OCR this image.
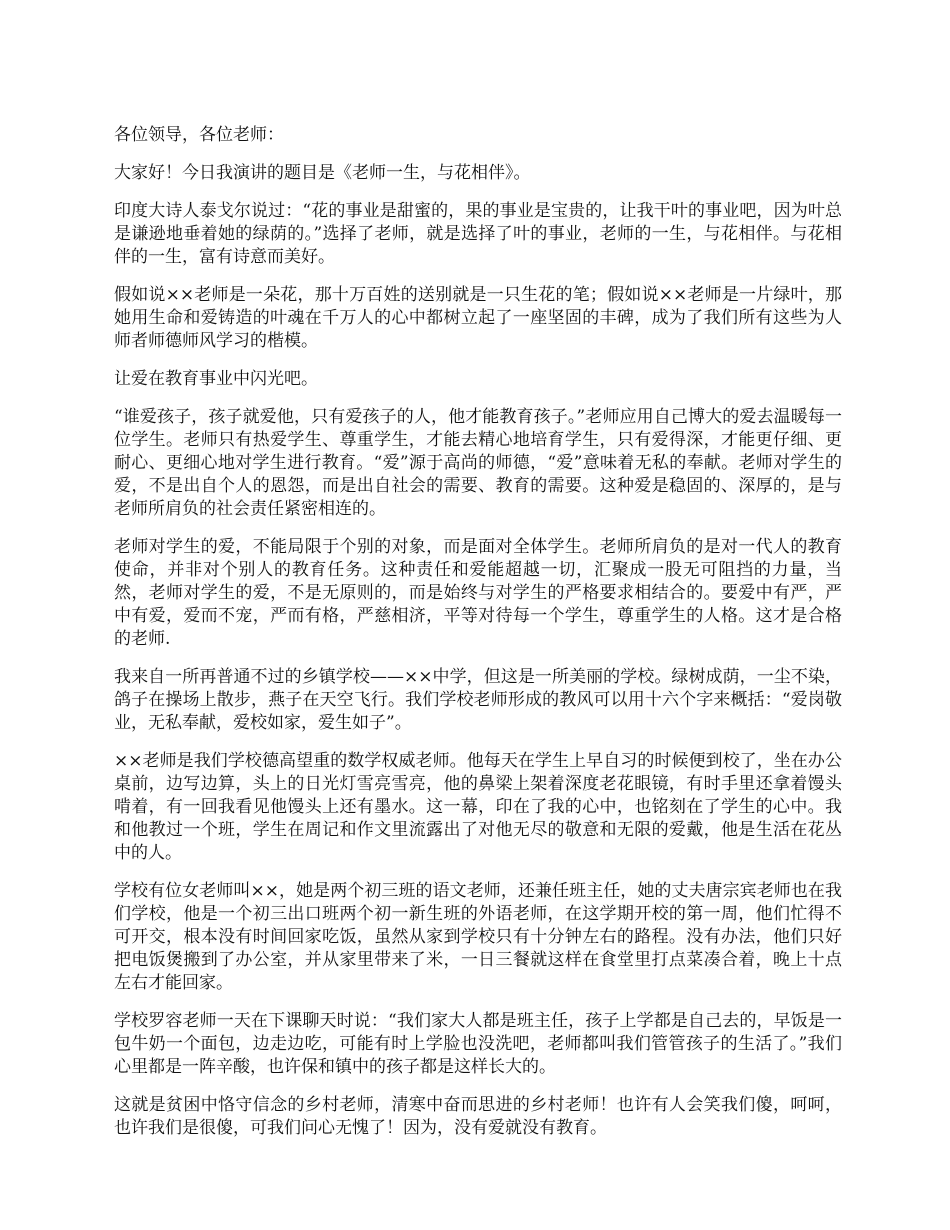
各位领导，各位老师：

大家好！今日我演讲的题目是《老师一生，与花相伴》。

印度大诗人泰戈尔说过：“花的事业是甜蜜的，果的事业是宝贵的，让我干叶的事业吧，因为叶总是谦逊地垂着她的绿荫的。”选择了老师，就是选择了叶的事业，老师的一生，与花相伴。与花相伴的一生，富有诗意而美好。

假如说××老师是一朵花，那十万百姓的送别就是一只生花的笔；假如说××老师是一片绿叶，那她用生命和爱铸造的叶魂在千万人的心中都树立起了一座坚固的丰碑，成为了我们所有这些为人师者师德师风学习的楷模。

让爱在教育事业中闪光吧。

“谁爱孩子，孩子就爱他，只有爱孩子的人，他才能教育孩子。”老师应用自己博大的爱去温暖每一位学生。老师只有热爱学生、尊重学生，才能去精心地培育学生，只有爱得深，才能更仔细、更耐心、更细心地对学生进行教育。“爱”源于高尚的师德，“爱”意味着无私的奉献。老师对学生的爱，不是出自个人的恩怨，而是出自社会的需要、教育的需要。这种爱是稳固的、深厚的，是与老师所肩负的社会责任紧密相连的。

老师对学生的爱，不能局限于个别的对象，而是面对全体学生。老师所肩负的是对一代人的教育使命，并非对个别人的教育任务。这种责任和爱能超越一切，汇聚成一股无可阻挡的力量，当然，老师对学生的爱，不是无原则的，而是始终与对学生的严格要求相结合的。要爱中有严，严中有爱，爱而不宠，严而有格，严慈相济，平等对待每一个学生，尊重学生的人格。这才是合格的老师.

我来自一所再普通不过的乡镇学校——××中学，但这是一所美丽的学校。绿树成荫，一尘不染，鸽子在操场上散步，燕子在天空飞行。我们学校老师形成的教风可以用十六个字来概括：“爱岗敬业，无私奉献，爱校如家，爱生如子”。

××老师是我们学校德高望重的数学权威老师。他每天在学生上早自习的时候便到校了，坐在办公桌前，边写边算，头上的日光灯雪亮雪亮，他的鼻梁上架着深度老花眼镜，有时手里还拿着馒头啃着，有一回我看见他馒头上还有墨水。这一幕，印在了我的心中，也铭刻在了学生的心中。我和他教过一个班，学生在周记和作文里流露出了对他无尽的敬意和无限的爱戴，他是生活在花丛中的人。

学校有位女老师叫××，她是两个初三班的语文老师，还兼任班主任，她的丈夫唐宗宾老师也在我们学校，他是一个初三出口班两个初一新生班的外语老师，在这学期开校的第一周，他们忙得不可开交，根本没有时间回家吃饭，虽然从家到学校只有十分钟左右的路程。没有办法，他们只好把电饭煲搬到了办公室，并从家里带来了米，一日三餐就这样在食堂里打点菜凑合着，晚上十点左右才能回家。

学校罗容老师一天在下课聊天时说：“我们家大人都是班主任，孩子上学都是自己去的，早饭是一包牛奶一个面包，边走边吃，可能有时上学脸也没洗吧，老师都叫我们管管孩子的生活了。”我们心里都是一阵辛酸，也许保和镇中的孩子都是这样长大的。

这就是贫困中恪守信念的乡村老师，清寒中奋而思进的乡村老师！也许有人会笑我们傻，呵呵，也许我们是很傻，可我们问心无愧了！因为，没有爱就没有教育。
